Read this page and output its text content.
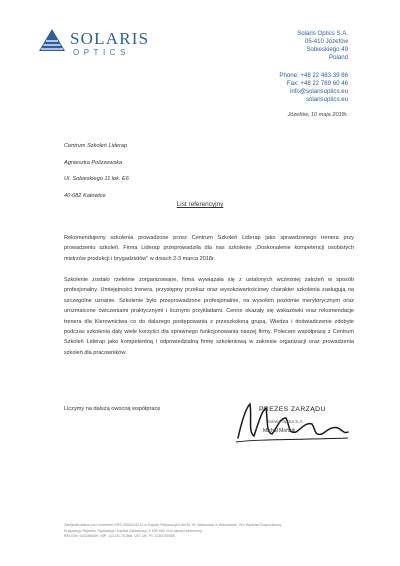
SOLARIS
OPTICS
Solaris Optics S.A.
05-410 Józefów
Sobieskiego 49
Poland
Phone: +48 22 483 39 86
Fax: +48 22 789 60 46
info@solarisoptics.eu
solarisoptics.eu
Józefów, 10 maja 2018r.
Centrum Szkoleń Liderap
Agnieszka Polizzewska
Ul. Sobieskiego 11 lok. E6
40-082 Katowice
List referencyjny
Rekomendujemy szkolenia prowadzone przez Centrum Szkoleń Liderap jako sprawdzonego trenera przy prowadzeniu szkoleń. Firma Liderap przeprowadziła dla nas szkolenie „Doskonalenie kompetencji osobistych mistrzów produkcji i brygadzistów” w dniach 2-3 marca 2018r.
Szkolenie zostało rzetelnie zorganizowane, firma wywiązała się z ustalonych wcześniej założeń w sposób profesjonalny. Umiejętności trenera, przystępny przekaz oraz wysokowartościowy charakter szkolenia zasługują na szczególne uznanie. Szkolenie było przeprowadzone profesjonalnie, na wysokim poziomie merytorycznym oraz urozmaicone ćwiczeniami praktycznymi i licznymi przykładami. Cenne okazały się wskazówki oraz rekomendacje trenera dla Kierownictwa co do dalszego postępowania z przeszkoloną grupą. Wiedza i doświadczenie zdobyte podczas szkolenia dały wiele korzyści dla sprawnego funkcjonowania naszej firmy. Polecam współpracę z Centrum Szkoleń Liderap jako kompetentną i odpowiedzialną firmę szkoleniową w zakresie organizacji oraz prowadzenia szkoleń dla pracowników.
Liczymy na dalszą owocną współpracę	PREZES ZARZĄDU
Solaris Optics S.A.
Michał Mońzik
Zarejestrowana pod numerem KRS 0000244214 w Sądzie Rejonowym dla M. St. Warszawy w Warszawie, XIV Wydział Gospodarczy
Krajowego Rejestru Sądowego. Kapitał Zakładowy: 6 500 000 zł w całości wniesiony.
REGON: 015288459, NIP: 113-00-78-588, VAT UE: PL 1130078588
